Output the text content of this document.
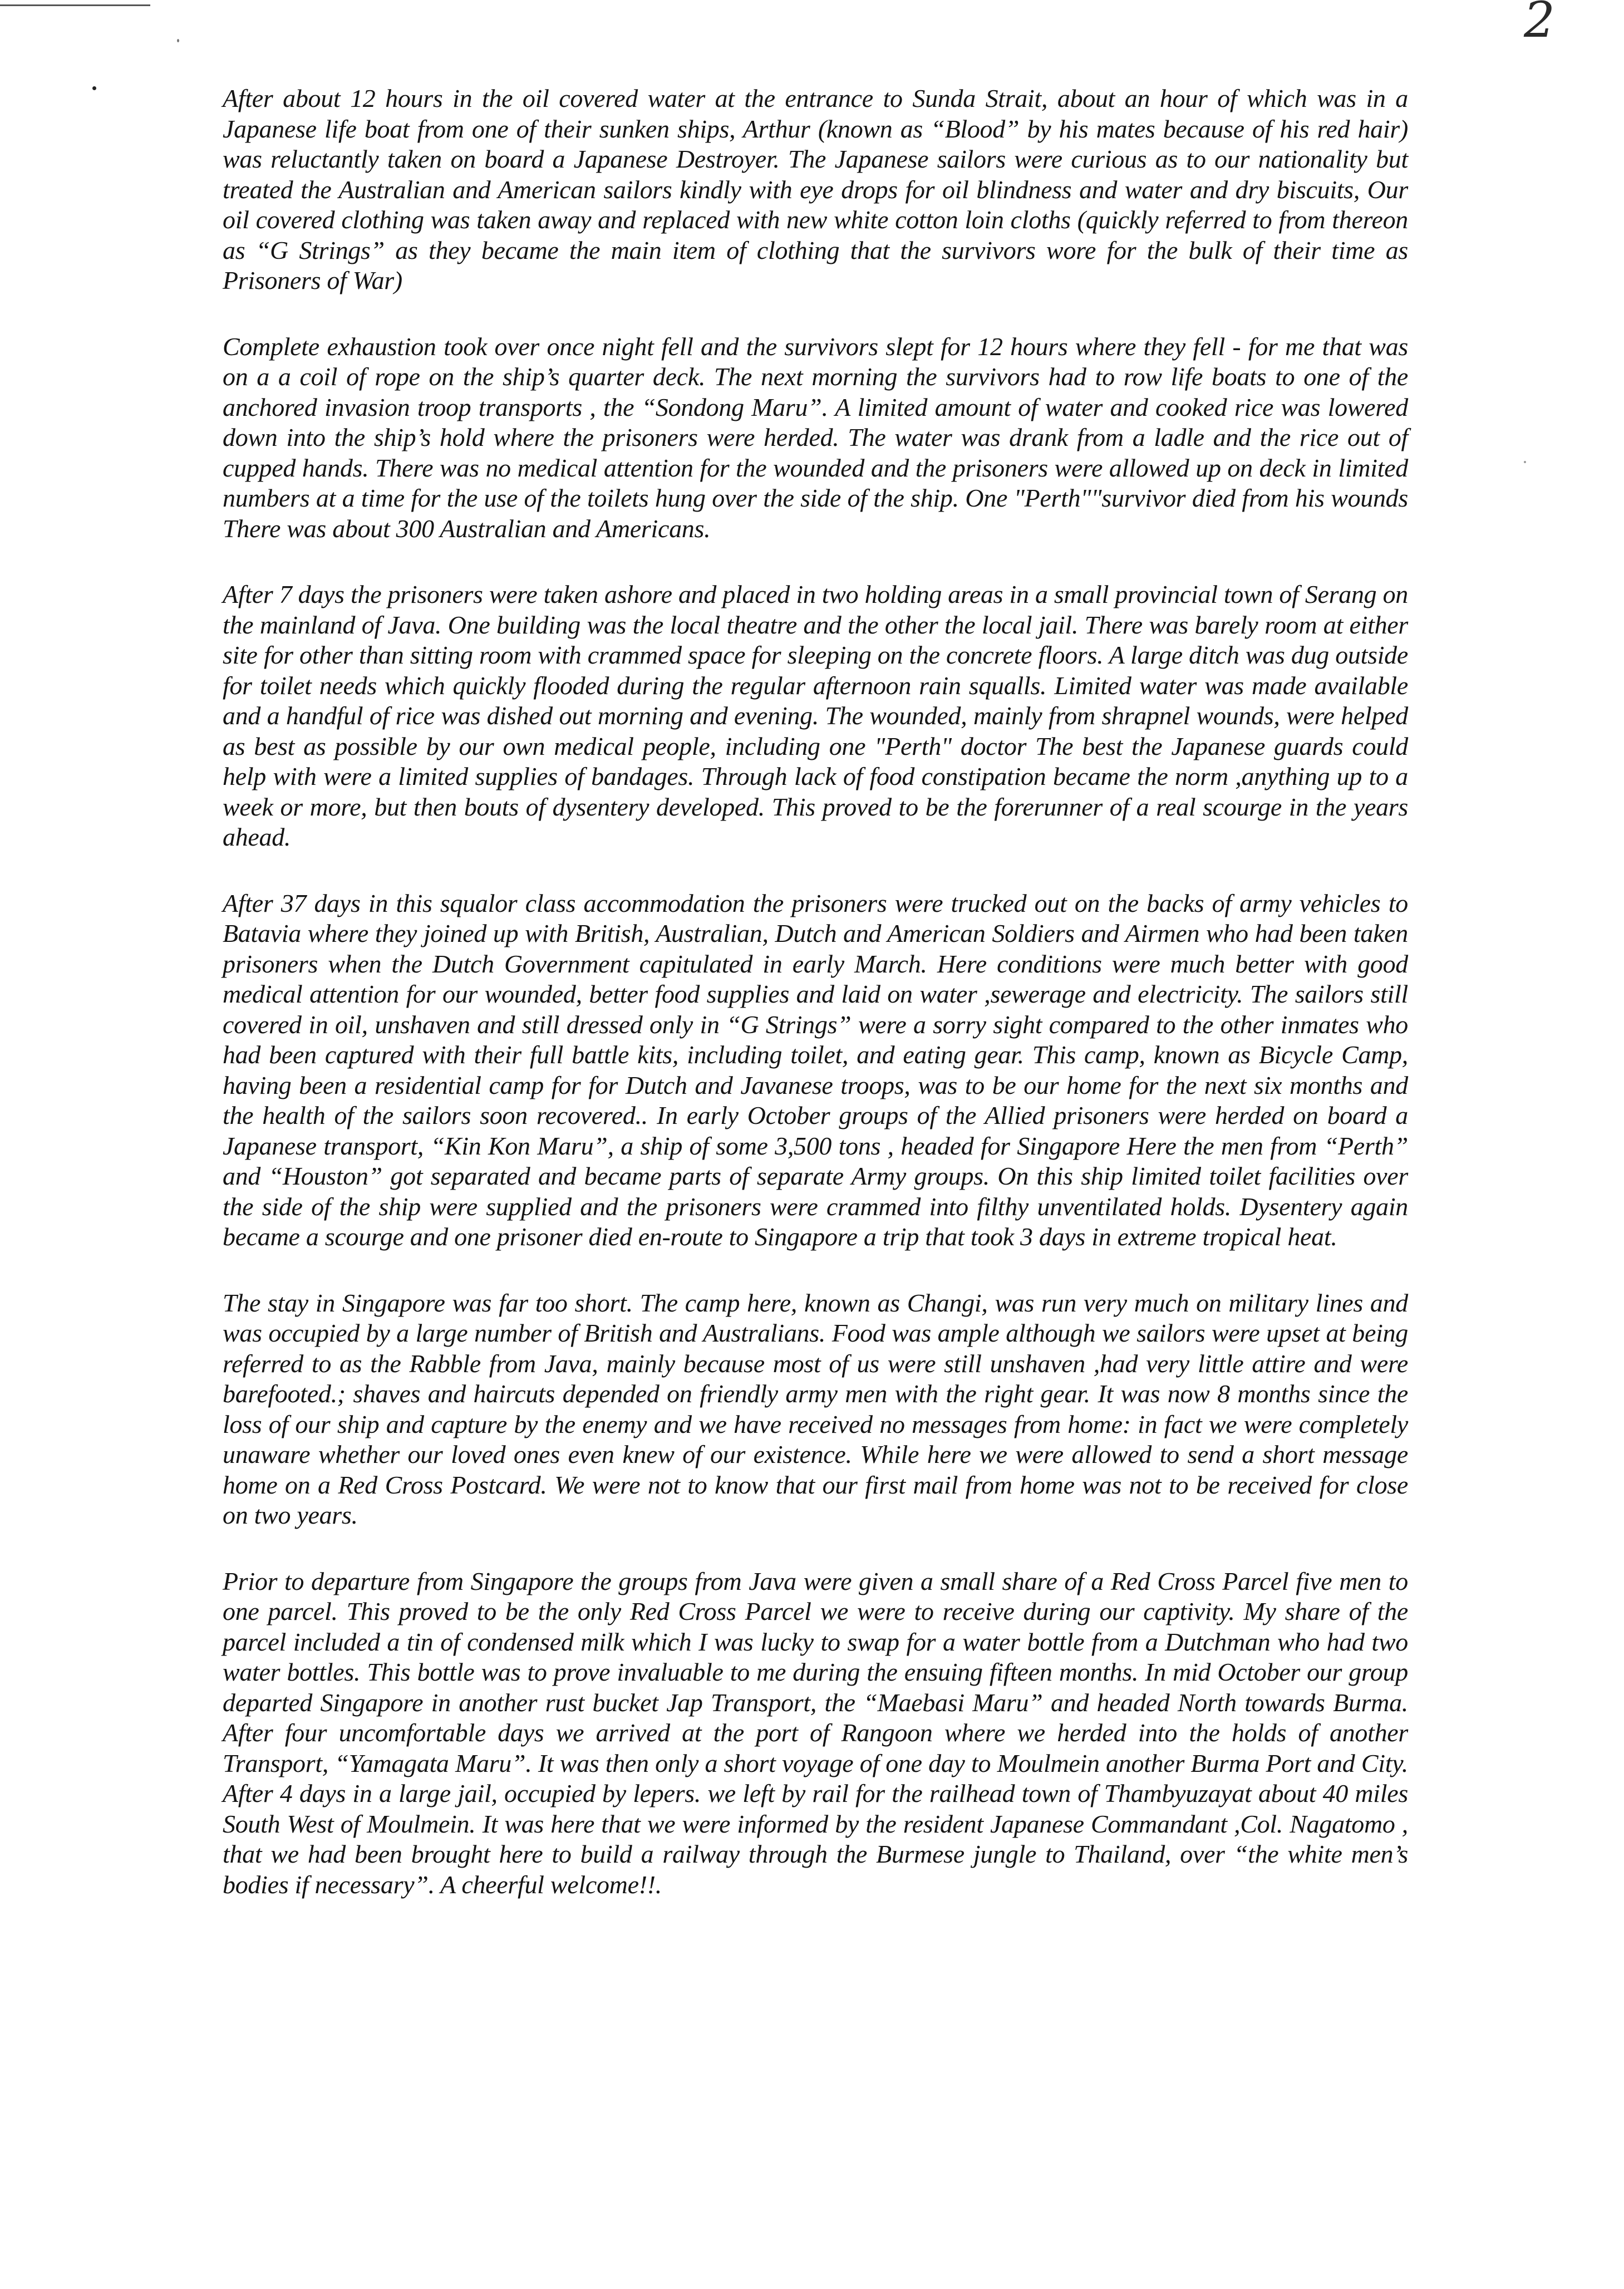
2

After about 12 hours in the oil covered water at the entrance to Sunda Strait, about an hour of which was in a Japanese life boat from one of their sunken ships, Arthur (known as “Blood” by his mates because of his red hair) was reluctantly taken on board a Japanese Destroyer. The Japanese sailors were curious as to our nationality but treated the Australian and American sailors kindly with eye drops for oil blindness and water and dry biscuits, Our oil covered clothing was taken away and replaced with new white cotton loin cloths (quickly referred to from thereon as “G Strings” as they became the main item of clothing that the survivors wore for the bulk of their time as Prisoners of War)

Complete exhaustion took over once night fell and the survivors slept for 12 hours where they fell - for me that was on a a coil of rope on the ship’s quarter deck. The next morning the survivors had to row life boats to one of the anchored invasion troop transports , the “Sondong Maru”. A limited amount of water and cooked rice was lowered down into the ship’s hold where the prisoners were herded. The water was drank from a ladle and the rice out of cupped hands. There was no medical attention for the wounded and the prisoners were allowed up on deck in limited numbers at a time for the use of the toilets hung over the side of the ship. One "Perth""survivor died from his wounds There was about 300 Australian and Americans.

After 7 days the prisoners were taken ashore and placed in two holding areas in a small provincial town of Serang on the mainland of Java. One building was the local theatre and the other the local jail. There was barely room at either site for other than sitting room with crammed space for sleeping on the concrete floors. A large ditch was dug outside for toilet needs which quickly flooded during the regular afternoon rain squalls. Limited water was made available and a handful of rice was dished out morning and evening. The wounded, mainly from shrapnel wounds, were helped as best as possible by our own medical people, including one "Perth" doctor The best the Japanese guards could help with were a limited supplies of bandages. Through lack of food constipation became the norm ,anything up to a week or more, but then bouts of dysentery developed. This proved to be the forerunner of a real scourge in the years ahead.

After 37 days in this squalor class accommodation the prisoners were trucked out on the backs of army vehicles to Batavia where they joined up with British, Australian, Dutch and American Soldiers and Airmen who had been taken prisoners when the Dutch Government capitulated in early March. Here conditions were much better with good medical attention for our wounded, better food supplies and laid on water ,sewerage and electricity. The sailors still covered in oil, unshaven and still dressed only in “G Strings” were a sorry sight compared to the other inmates who had been captured with their full battle kits, including toilet, and eating gear. This camp, known as Bicycle Camp, having been a residential camp for for Dutch and Javanese troops, was to be our home for the next six months and the health of the sailors soon recovered.. In early October groups of the Allied prisoners were herded on board a Japanese transport, “Kin Kon Maru”, a ship of some 3,500 tons , headed for Singapore Here the men from “Perth” and “Houston” got separated and became parts of separate Army groups. On this ship limited toilet facilities over the side of the ship were supplied and the prisoners were crammed into filthy unventilated holds. Dysentery again became a scourge and one prisoner died en-route to Singapore a trip that took 3 days in extreme tropical heat.

The stay in Singapore was far too short. The camp here, known as Changi, was run very much on military lines and was occupied by a large number of British and Australians. Food was ample although we sailors were upset at being referred to as the Rabble from Java, mainly because most of us were still unshaven ,had very little attire and were barefooted.; shaves and haircuts depended on friendly army men with the right gear. It was now 8 months since the loss of our ship and capture by the enemy and we have received no messages from home: in fact we were completely unaware whether our loved ones even knew of our existence. While here we were allowed to send a short message home on a Red Cross Postcard. We were not to know that our first mail from home was not to be received for close on two years.

Prior to departure from Singapore the groups from Java were given a small share of a Red Cross Parcel five men to one parcel. This proved to be the only Red Cross Parcel we were to receive during our captivity. My share of the parcel included a tin of condensed milk which I was lucky to swap for a water bottle from a Dutchman who had two water bottles. This bottle was to prove invaluable to me during the ensuing fifteen months. In mid October our group departed Singapore in another rust bucket Jap Transport, the “Maebasi Maru” and headed North towards Burma. After four uncomfortable days we arrived at the port of Rangoon where we herded into the holds of another Transport, “Yamagata Maru”. It was then only a short voyage of one day to Moulmein another Burma Port and City. After 4 days in a large jail, occupied by lepers. we left by rail for the railhead town of Thambyuzayat about 40 miles South West of Moulmein. It was here that we were informed by the resident Japanese Commandant ,Col. Nagatomo , that we had been brought here to build a railway through the Burmese jungle to Thailand, over “the white men’s bodies if necessary”. A cheerful welcome!!.
